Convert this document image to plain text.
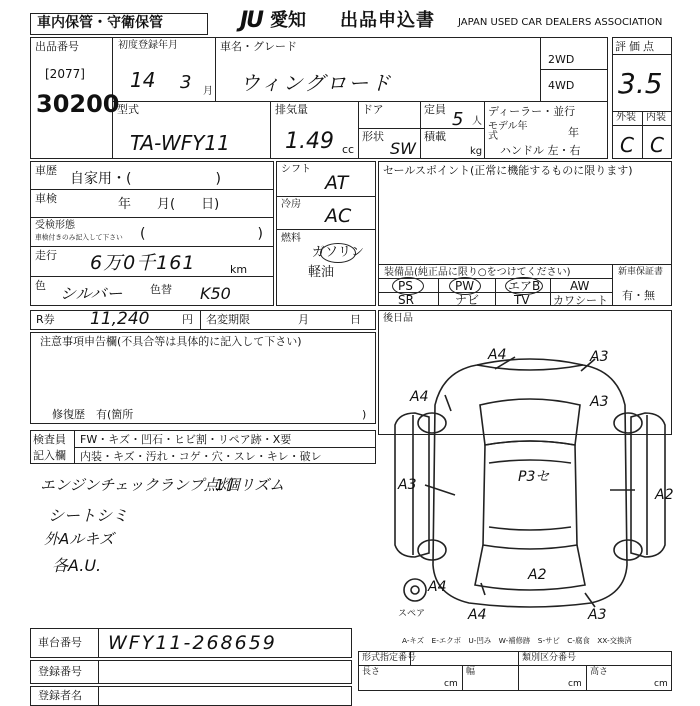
車内保管・守衛保管	JU 愛知 出品申込書 JAPAN USED CAR DEALERS ASSOCIATION
出品番号
[2077]
30200
初度登録年月
14 3 月
車名・グレード
ウィングロード
2WD
4WD
型式
TA-WFY11
排気量
1.49 cc
ドア
形状
SW
定員 5 人
積載
kg
ディーラー・並行
モデル年式	年
ハンドル 左・右
評価点
3.5
外装 内装
C C
車歴
自家用・(　　　　　　)
車検	年　　月(　　日)
受検形態
車検付きのみ記入して下さい (　　　　　　　　)
走行 6万0千161	km
色 シルバー	色替 K50
シフト
AT
冷房
AC
燃料
ガソリン
軽油
セールスポイント(正常に機能するものに限ります)
装備品(純正品に限り○をつけてください)
PS	PW	エアB AW
SR	ナビ	TV カワシート
新車保証書
有・無
R券 11,240	円 名変期限	月	日 後日品
注意事項申告欄(不具合等は具体的に記入して下さい)
修復歴　有(箇所	)
検査員
記入欄
FW・キズ・凹石・ヒビ割・リペア跡・X要
内装・キズ・汚れ・コゲ・穴・スレ・キレ・破レ
エンジンチェックランプ点灯
1個リズム
シートシミ
外Aルキズ
各A.U.
A4	A3
A4	A3
P3セ
A2
A3
A2
A4
A4	A3
スペア
A-キズ　E-エクボ　U-凹み　W-補修跡　S-サビ　C-腐食　XX-交換済
車台番号 WFY11-268659
登録番号
登録者名
形式指定番号	類別区分番号
長さ
cm
幅
cm
高さ
cm
